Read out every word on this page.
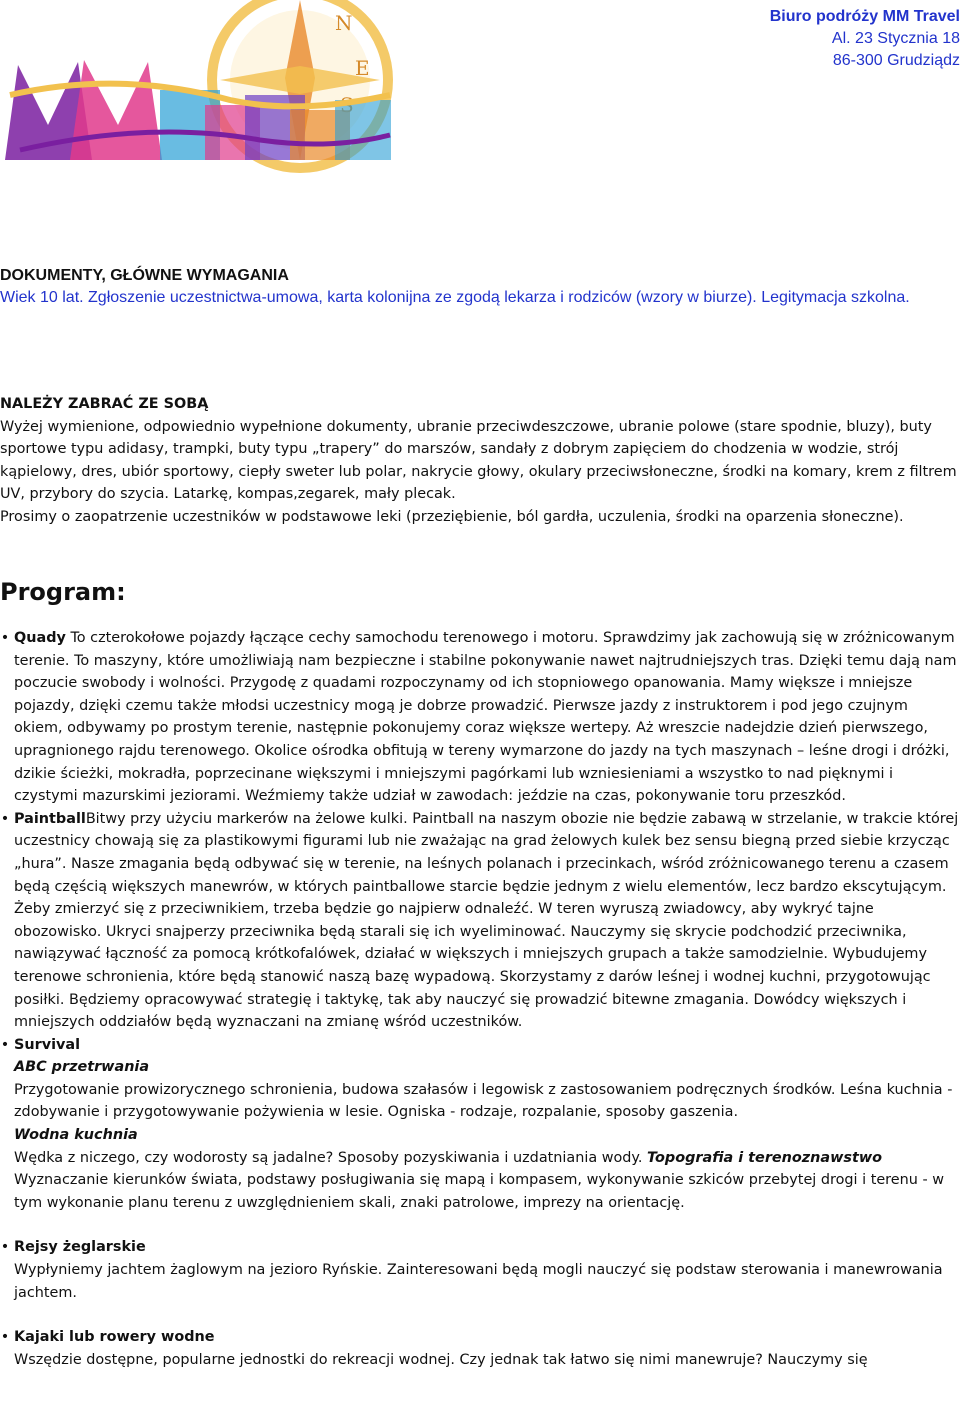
Biuro podróży MM Travel
Al. 23 Stycznia 18
86-300 Grudziądz
N
E
DOKUMENTY, GŁÓWNE WYMAGANIA

Wiek 10 lat. Zgłoszenie uczestnictwa-umowa, karta kolonijna ze zgodą lekarza i rodziców (wzory w biurze). Legitymacja szkolna.

NALEŻY ZABRAĆ ZE SOBĄ

Wyżej wymienione, odpowiednio wypełnione dokumenty, ubranie przeciwdeszczowe, ubranie polowe (stare spodnie, bluzy), buty sportowe typu adidasy, trampki, buty typu „trapery” do marszów, sandały z dobrym zapięciem do chodzenia w wodzie, strój kąpielowy, dres, ubiór sportowy, ciepły sweter lub polar, nakrycie głowy, okulary przeciwsłoneczne, środki na komary, krem z filtrem UV, przybory do szycia. Latarkę, kompas,zegarek, mały plecak.

Prosimy o zaopatrzenie uczestników w podstawowe leki (przeziębienie, ból gardła, uczulenia, środki na oparzenia słoneczne).

Program:
• Quady To czterokołowe pojazdy łączące cechy samochodu terenowego i motoru. Sprawdzimy jak zachowują się w zróżnicowanym terenie. To maszyny, które umożliwiają nam bezpieczne i stabilne pokonywanie nawet najtrudniejszych tras. Dzięki temu dają nam poczucie swobody i wolności. Przygodę z quadami rozpoczynamy od ich stopniowego opanowania. Mamy większe i mniejsze pojazdy, dzięki czemu także młodsi uczestnicy mogą je dobrze prowadzić. Pierwsze jazdy z instruktorem i pod jego czujnym okiem, odbywamy po prostym terenie, następnie pokonujemy coraz większe wertepy. Aż wreszcie nadejdzie dzień pierwszego, upragnionego rajdu terenowego. Okolice ośrodka obfitują w tereny wymarzone do jazdy na tych maszynach – leśne drogi i dróżki, dzikie ścieżki, mokradła, poprzecinane większymi i mniejszymi pagórkami lub wzniesieniami a wszystko to nad pięknymi i czystymi mazurskimi jeziorami. Weźmiemy także udział w zawodach: jeździe na czas, pokonywanie toru przeszkód.
• PaintballBitwy przy użyciu markerów na żelowe kulki. Paintball na naszym obozie nie będzie zabawą w strzelanie, w trakcie której uczestnicy chowają się za plastikowymi figurami lub nie zważając na grad żelowych kulek bez sensu biegną przed siebie krzycząc „hura”. Nasze zmagania będą odbywać się w terenie, na leśnych polanach i przecinkach, wśród zróżnicowanego terenu a czasem będą częścią większych manewrów, w których paintballowe starcie będzie jednym z wielu elementów, lecz bardzo ekscytującym. Żeby zmierzyć się z przeciwnikiem, trzeba będzie go najpierw odnaleźć. W teren wyruszą zwiadowcy, aby wykryć tajne obozowisko. Ukryci snajperzy przeciwnika będą starali się ich wyeliminować. Nauczymy się skrycie podchodzić przeciwnika, nawiązywać łączność za pomocą krótkofalówek, działać w większych i mniejszych grupach a także samodzielnie. Wybudujemy terenowe schronienia, które będą stanowić naszą bazę wypadową. Skorzystamy z darów leśnej i wodnej kuchni, przygotowując posiłki. Będziemy opracowywać strategię i taktykę, tak aby nauczyć się prowadzić bitewne zmagania. Dowódcy większych i mniejszych oddziałów będą wyznaczani na zmianę wśród uczestników.
• Survival
ABC przetrwania
Przygotowanie prowizorycznego schronienia, budowa szałasów i legowisk z zastosowaniem podręcznych środków. Leśna kuchnia - zdobywanie i przygotowywanie pożywienia w lesie. Ogniska - rodzaje, rozpalanie, sposoby gaszenia.
Wodna kuchnia
Wędka z niczego, czy wodorosty są jadalne? Sposoby pozyskiwania i uzdatniania wody. Topografia i terenoznawstwo
Wyznaczanie kierunków świata, podstawy posługiwania się mapą i kompasem, wykonywanie szkiców przebytej drogi i terenu - w tym wykonanie planu terenu z uwzględnieniem skali, znaki patrolowe, imprezy na orientację.
• Rejsy żeglarskie
Wypłyniemy jachtem żaglowym na jezioro Ryńskie. Zainteresowani będą mogli nauczyć się podstaw sterowania i manewrowania jachtem.
• Kajaki lub rowery wodne
Wszędzie dostępne, popularne jednostki do rekreacji wodnej. Czy jednak tak łatwo się nimi manewruje? Nauczymy się
